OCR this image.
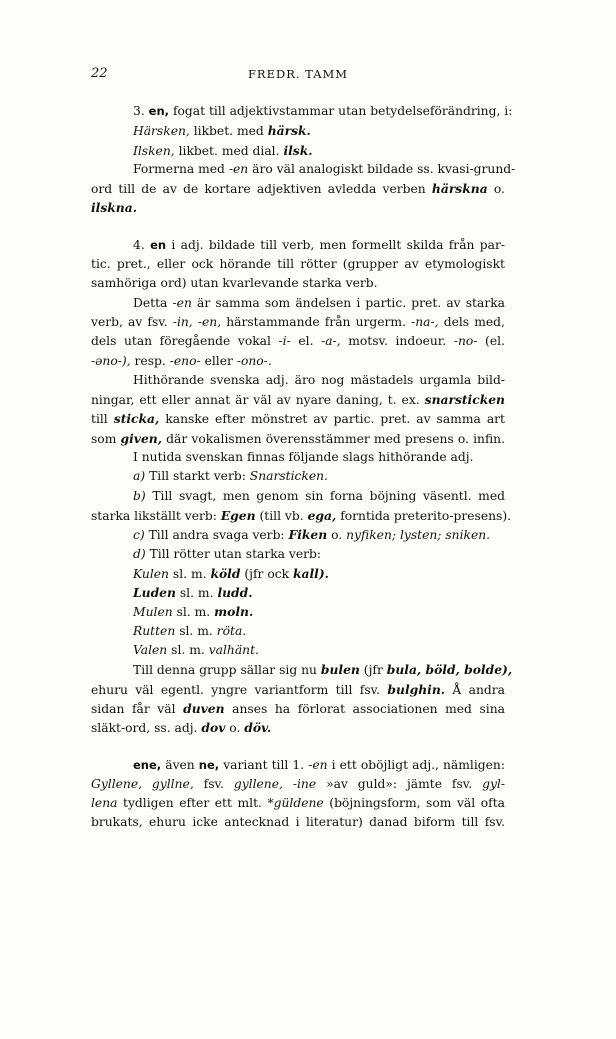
22	FREDR. TAMM
3. en, fogat till adjektivstammar utan betydelseförändring, i:
Härsken, likbet. med härsk.
Ilsken, likbet. med dial. ilsk.
Formerna med -en äro väl analogiskt bildade ss. kvasi-grund-
ord till de av de kortare adjektiven avledda verben härskna o.
ilskna.
4. en i adj. bildade till verb, men formellt skilda från par-
tic. pret., eller ock hörande till rötter (grupper av etymologiskt
samhöriga ord) utan kvarlevande starka verb.
Detta -en är samma som ändelsen i partic. pret. av starka
verb, av fsv. -in, -en, härstammande från urgerm. -na-, dels med,
dels utan föregående vokal -i- el. -a-, motsv. indoeur. -no- (el.
-ənо-), resp. -eno- eller -ono-.
Hithörande svenska adj. äro nog mästadels urgamla bild-
ningar, ett eller annat är väl av nyare daning, t. ex. snarsticken
till sticka, kanske efter mönstret av partic. pret. av samma art
som given, där vokalismen överensstämmer med presens o. infin.
I nutida svenskan finnas följande slags hithörande adj.
a) Till starkt verb: Snarsticken.
b) Till svagt, men genom sin forna böjning väsentl. med
starka likställt verb: Egen (till vb. ega, forntida preterito-presens).
c) Till andra svaga verb: Fiken o. nyfiken; lysten; sniken.
d) Till rötter utan starka verb:
Kulen sl. m. köld (jfr ock kall).
Luden sl. m. ludd.
Mulen sl. m. moln.
Rutten sl. m. röta.
Valen sl. m. valhänt.
Till denna grupp sällar sig nu bulen (jfr bula, böld, bolde),
ehuru väl egentl. yngre variantform till fsv. bulghin. Å andra
sidan får väl duven anses ha förlorat associationen med sina
släkt-ord, ss. adj. dov o. döv.
ene, även ne, variant till 1. -en i ett oböjligt adj., nämligen:
Gyllene, gyllne, fsv. gyllene, -ine »av guld»: jämte fsv. gyl-
lena tydligen efter ett mlt. *güldene (böjningsform, som väl ofta
brukats, ehuru icke antecknad i literatur) danad biform till fsv.
